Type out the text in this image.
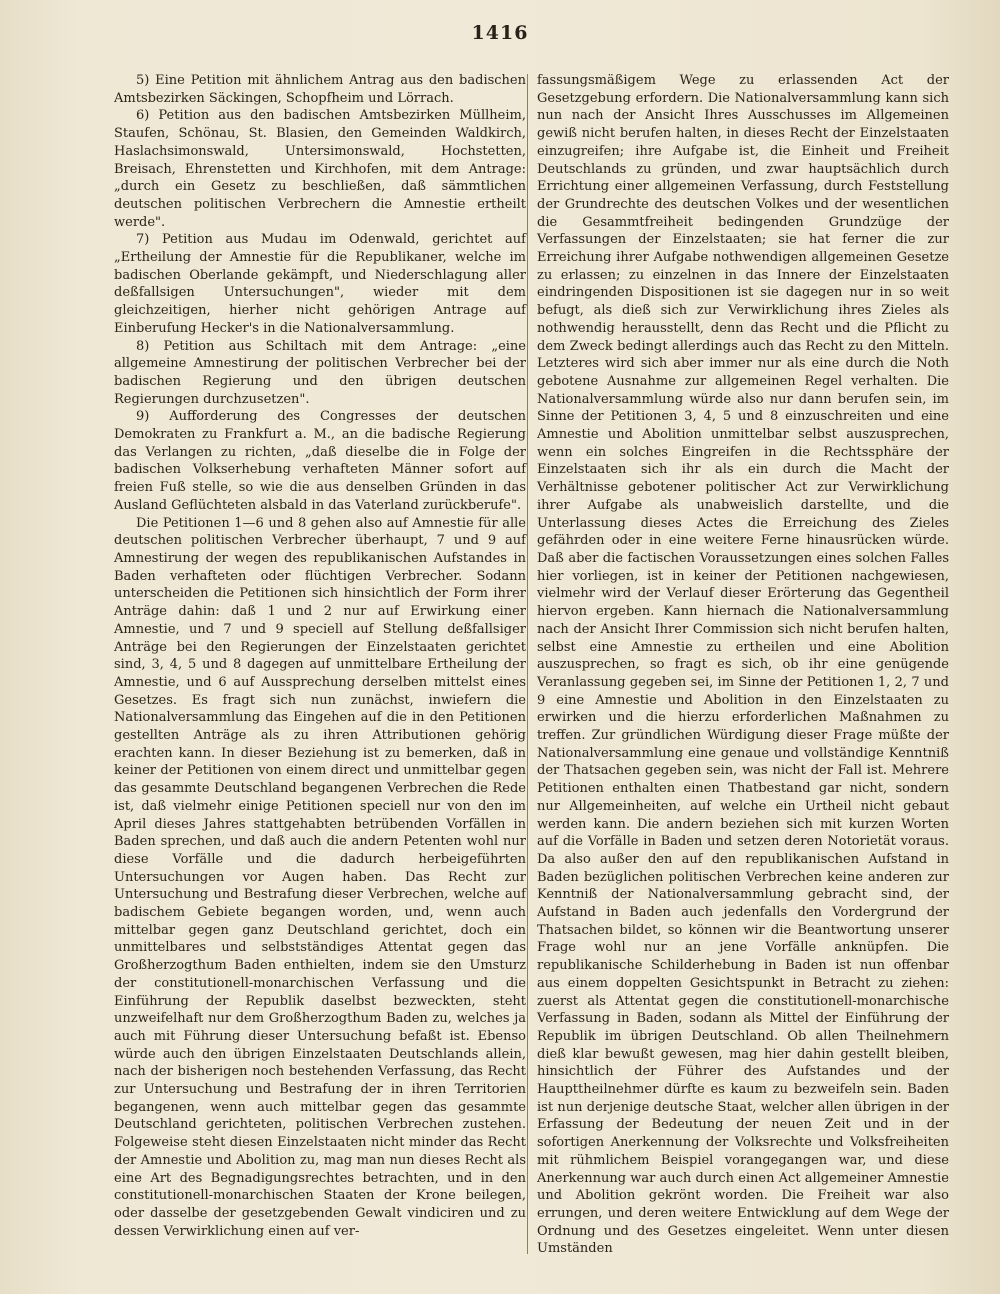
1416

5) Eine Petition mit ähnlichem Antrag aus den badischen Amtsbezirken Säckingen, Schopfheim und Lörrach.

6) Petition aus den badischen Amtsbezirken Müllheim, Staufen, Schönau, St. Blasien, den Gemeinden Waldkirch, Haslachsimonswald, Untersimonswald, Hochstetten, Breisach, Ehrenstetten und Kirchhofen, mit dem Antrage: „durch ein Gesetz zu beschließen, daß sämmtlichen deutschen politischen Verbrechern die Amnestie ertheilt werde".

7) Petition aus Mudau im Odenwald, gerichtet auf „Ertheilung der Amnestie für die Republikaner, welche im badischen Oberlande gekämpft, und Niederschlagung aller deßfallsigen Untersuchungen", wieder mit dem gleichzeitigen, hierher nicht gehörigen Antrage auf Einberufung Hecker's in die Nationalversammlung.

8) Petition aus Schiltach mit dem Antrage: „eine allgemeine Amnestirung der politischen Verbrecher bei der badischen Regierung und den übrigen deutschen Regierungen durchzusetzen".

9) Aufforderung des Congresses der deutschen Demokraten zu Frankfurt a. M., an die badische Regierung das Verlangen zu richten, „daß dieselbe die in Folge der badischen Volkserhebung verhafteten Männer sofort auf freien Fuß stelle, so wie die aus denselben Gründen in das Ausland Geflüchteten alsbald in das Vaterland zurückberufe".

Die Petitionen 1—6 und 8 gehen also auf Amnestie für alle deutschen politischen Verbrecher überhaupt, 7 und 9 auf Amnestirung der wegen des republikanischen Aufstandes in Baden verhafteten oder flüchtigen Verbrecher. Sodann unterscheiden die Petitionen sich hinsichtlich der Form ihrer Anträge dahin: daß 1 und 2 nur auf Erwirkung einer Amnestie, und 7 und 9 speciell auf Stellung deßfallsiger Anträge bei den Regierungen der Einzelstaaten gerichtet sind, 3, 4, 5 und 8 dagegen auf unmittelbare Ertheilung der Amnestie, und 6 auf Aussprechung derselben mittelst eines Gesetzes. Es fragt sich nun zunächst, inwiefern die Nationalversammlung das Eingehen auf die in den Petitionen gestellten Anträge als zu ihren Attributionen gehörig erachten kann. In dieser Beziehung ist zu bemerken, daß in keiner der Petitionen von einem direct und unmittelbar gegen das gesammte Deutschland begangenen Verbrechen die Rede ist, daß vielmehr einige Petitionen speciell nur von den im April dieses Jahres stattgehabten betrübenden Vorfällen in Baden sprechen, und daß auch die andern Petenten wohl nur diese Vorfälle und die dadurch herbeigeführten Untersuchungen vor Augen haben. Das Recht zur Untersuchung und Bestrafung dieser Verbrechen, welche auf badischem Gebiete begangen worden, und, wenn auch mittelbar gegen ganz Deutschland gerichtet, doch ein unmittelbares und selbstständiges Attentat gegen das Großherzogthum Baden enthielten, indem sie den Umsturz der constitutionell-monarchischen Verfassung und die Einführung der Republik daselbst bezweckten, steht unzweifelhaft nur dem Großherzogthum Baden zu, welches ja auch mit Führung dieser Untersuchung befaßt ist. Ebenso würde auch den übrigen Einzelstaaten Deutschlands allein, nach der bisherigen noch bestehenden Verfassung, das Recht zur Untersuchung und Bestrafung der in ihren Territorien begangenen, wenn auch mittelbar gegen das gesammte Deutschland gerichteten, politischen Verbrechen zustehen. Folgeweise steht diesen Einzelstaaten nicht minder das Recht der Amnestie und Abolition zu, mag man nun dieses Recht als eine Art des Begnadigungsrechtes betrachten, und in den constitutionell-monarchischen Staaten der Krone beilegen, oder dasselbe der gesetzgebenden Gewalt vindiciren und zu dessen Verwirklichung einen auf ver-

fassungsmäßigem Wege zu erlassenden Act der Gesetzgebung erfordern. Die Nationalversammlung kann sich nun nach der Ansicht Ihres Ausschusses im Allgemeinen gewiß nicht berufen halten, in dieses Recht der Einzelstaaten einzugreifen; ihre Aufgabe ist, die Einheit und Freiheit Deutschlands zu gründen, und zwar hauptsächlich durch Errichtung einer allgemeinen Verfassung, durch Feststellung der Grundrechte des deutschen Volkes und der wesentlichen die Gesammtfreiheit bedingenden Grundzüge der Verfassungen der Einzelstaaten; sie hat ferner die zur Erreichung ihrer Aufgabe nothwendigen allgemeinen Gesetze zu erlassen; zu einzelnen in das Innere der Einzelstaaten eindringenden Dispositionen ist sie dagegen nur in so weit befugt, als dieß sich zur Verwirklichung ihres Zieles als nothwendig herausstellt, denn das Recht und die Pflicht zu dem Zweck bedingt allerdings auch das Recht zu den Mitteln. Letzteres wird sich aber immer nur als eine durch die Noth gebotene Ausnahme zur allgemeinen Regel verhalten. Die Nationalversammlung würde also nur dann berufen sein, im Sinne der Petitionen 3, 4, 5 und 8 einzuschreiten und eine Amnestie und Abolition unmittelbar selbst auszusprechen, wenn ein solches Eingreifen in die Rechtssphäre der Einzelstaaten sich ihr als ein durch die Macht der Verhältnisse gebotener politischer Act zur Verwirklichung ihrer Aufgabe als unabweislich darstellte, und die Unterlassung dieses Actes die Erreichung des Zieles gefährden oder in eine weitere Ferne hinausrücken würde. Daß aber die factischen Voraussetzungen eines solchen Falles hier vorliegen, ist in keiner der Petitionen nachgewiesen, vielmehr wird der Verlauf dieser Erörterung das Gegentheil hiervon ergeben. Kann hiernach die Nationalversammlung nach der Ansicht Ihrer Commission sich nicht berufen halten, selbst eine Amnestie zu ertheilen und eine Abolition auszusprechen, so fragt es sich, ob ihr eine genügende Veranlassung gegeben sei, im Sinne der Petitionen 1, 2, 7 und 9 eine Amnestie und Abolition in den Einzelstaaten zu erwirken und die hierzu erforderlichen Maßnahmen zu treffen. Zur gründlichen Würdigung dieser Frage müßte der Nationalversammlung eine genaue und vollständige Kenntniß der Thatsachen gegeben sein, was nicht der Fall ist. Mehrere Petitionen enthalten einen Thatbestand gar nicht, sondern nur Allgemeinheiten, auf welche ein Urtheil nicht gebaut werden kann. Die andern beziehen sich mit kurzen Worten auf die Vorfälle in Baden und setzen deren Notorietät voraus. Da also außer den auf den republikanischen Aufstand in Baden bezüglichen politischen Verbrechen keine anderen zur Kenntniß der Nationalversammlung gebracht sind, der Aufstand in Baden auch jedenfalls den Vordergrund der Thatsachen bildet, so können wir die Beantwortung unserer Frage wohl nur an jene Vorfälle anknüpfen. Die republikanische Schilderhebung in Baden ist nun offenbar aus einem doppelten Gesichtspunkt in Betracht zu ziehen: zuerst als Attentat gegen die constitutionell-monarchische Verfassung in Baden, sodann als Mittel der Einführung der Republik im übrigen Deutschland. Ob allen Theilnehmern dieß klar bewußt gewesen, mag hier dahin gestellt bleiben, hinsichtlich der Führer des Aufstandes und der Haupttheilnehmer dürfte es kaum zu bezweifeln sein. Baden ist nun derjenige deutsche Staat, welcher allen übrigen in der Erfassung der Bedeutung der neuen Zeit und in der sofortigen Anerkennung der Volksrechte und Volksfreiheiten mit rühmlichem Beispiel vorangegangen war, und diese Anerkennung war auch durch einen Act allgemeiner Amnestie und Abolition gekrönt worden. Die Freiheit war also errungen, und deren weitere Entwicklung auf dem Wege der Ordnung und des Gesetzes eingeleitet. Wenn unter diesen Umständen
